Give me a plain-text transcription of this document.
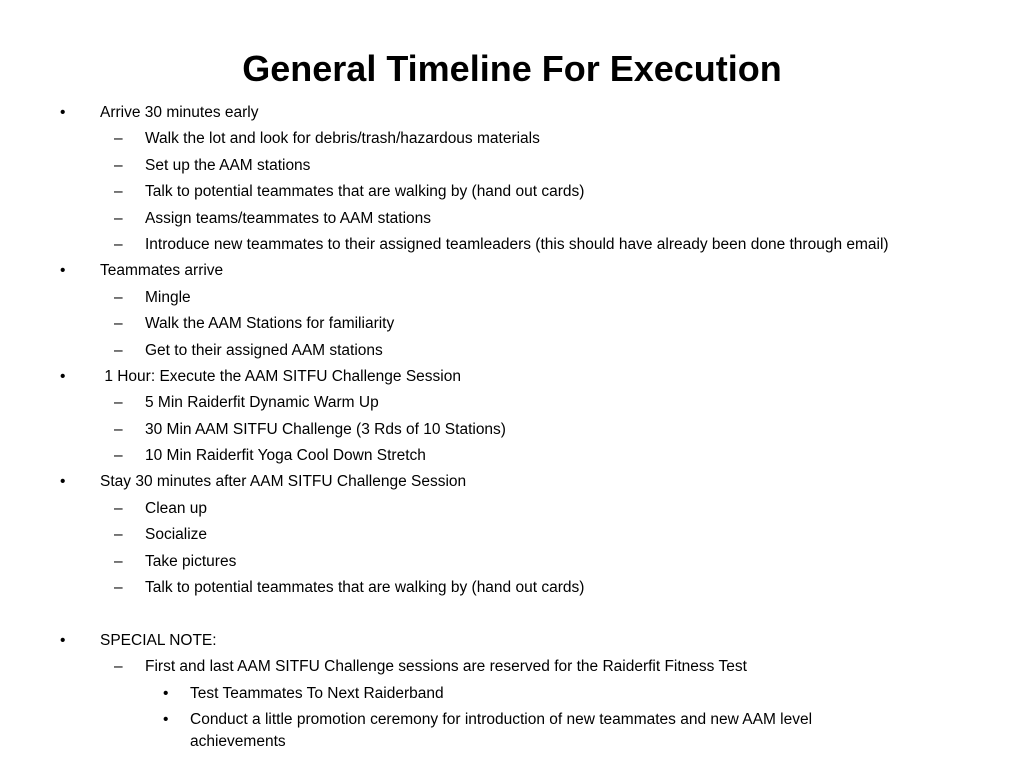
General Timeline For Execution
• Arrive 30 minutes early
– Walk the lot and look for debris/trash/hazardous materials
– Set up the AAM stations
– Talk to potential teammates that are walking by (hand out cards)
– Assign teams/teammates to AAM stations
– Introduce new teammates to their assigned teamleaders (this should have already been done through email)
• Teammates arrive
– Mingle
– Walk the AAM Stations for familiarity
– Get to their assigned AAM stations
• 1 Hour: Execute the AAM SITFU Challenge Session
– 5 Min Raiderfit Dynamic Warm Up
– 30 Min AAM SITFU Challenge (3 Rds of 10 Stations)
– 10 Min Raiderfit Yoga Cool Down Stretch
• Stay 30 minutes after AAM SITFU Challenge Session
– Clean up
– Socialize
– Take pictures
– Talk to potential teammates that are walking by (hand out cards)
• SPECIAL NOTE:
– First and last AAM SITFU Challenge sessions are reserved for the Raiderfit Fitness Test
• Test Teammates To Next Raiderband
• Conduct a little promotion ceremony for introduction of new teammates and new AAM level achievements
